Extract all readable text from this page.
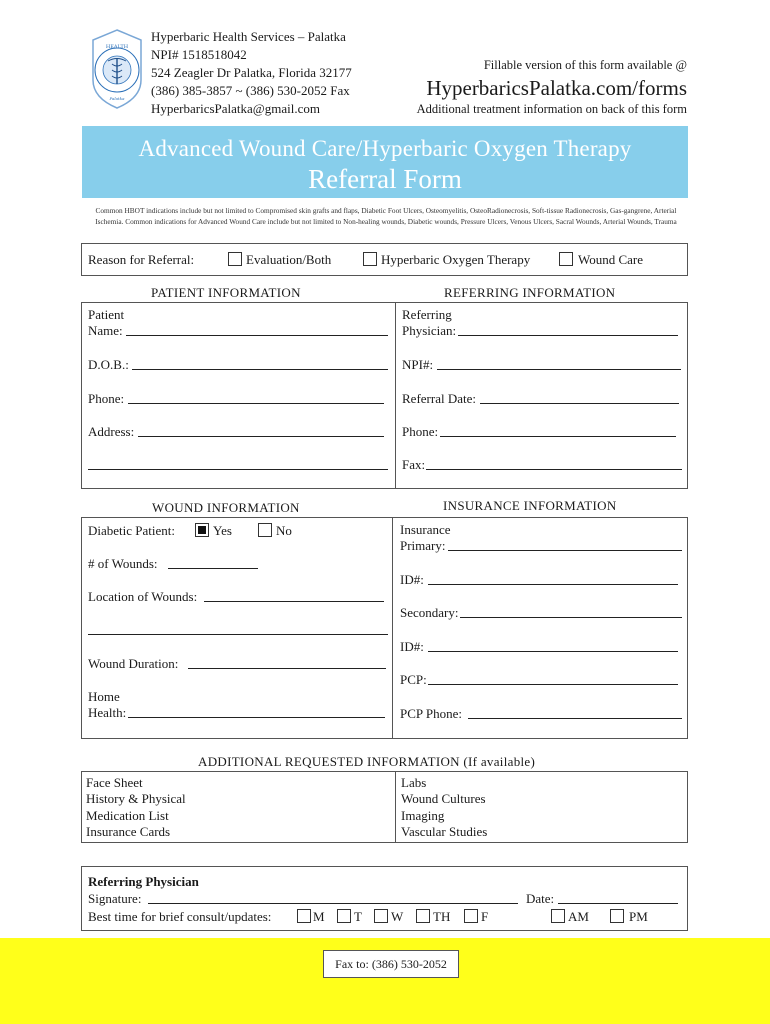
HEALTH
Palatka
Hyperbaric Health Services – Palatka
NPI# 1518518042
524 Zeagler Dr Palatka, Florida 32177
(386) 385-3857 ~ (386) 530-2052 Fax
HyperbaricsPalatka@gmail.com
Fillable version of this form available @
HyperbaricsPalatka.com/forms
Additional treatment information on back of this form
Advanced Wound Care/Hyperbaric Oxygen Therapy
Referral Form
Common HBOT indications include but not limited to Compromised skin grafts and flaps, Diabetic Foot Ulcers, Osteomyelitis, OsteoRadionecrosis, Soft-tissue Radionecrosis, Gas-gangrene, Arterial Ischemia. Common indications for Advanced Wound Care include but not limited to Non-healing wounds, Diabetic wounds, Pressure Ulcers, Venous Ulcers, Sacral Wounds, Arterial Wounds, Trauma
Reason for Referral:	Evaluation/Both	Hyperbaric Oxygen Therapy	Wound Care
PATIENT INFORMATION	REFERRING INFORMATION
Patient
Name:
D.O.B.:
Phone:
Address:
Referring
Physician:
NPI#:
Referral Date:
Phone:
Fax:
WOUND INFORMATION	INSURANCE INFORMATION
Diabetic Patient:	Yes	No
# of Wounds:
Location of Wounds:
Wound Duration:
Home
Health:
Insurance
Primary:
ID#:
Secondary:
ID#:
PCP:
PCP Phone:
ADDITIONAL REQUESTED INFORMATION (If available)
Face Sheet
History & Physical
Medication List
Insurance Cards
Labs
Wound Cultures
Imaging
Vascular Studies
Referring Physician
Signature:	Date:
Best time for brief consult/updates:	M T W TH F	AM	PM
Fax to: (386) 530-2052
